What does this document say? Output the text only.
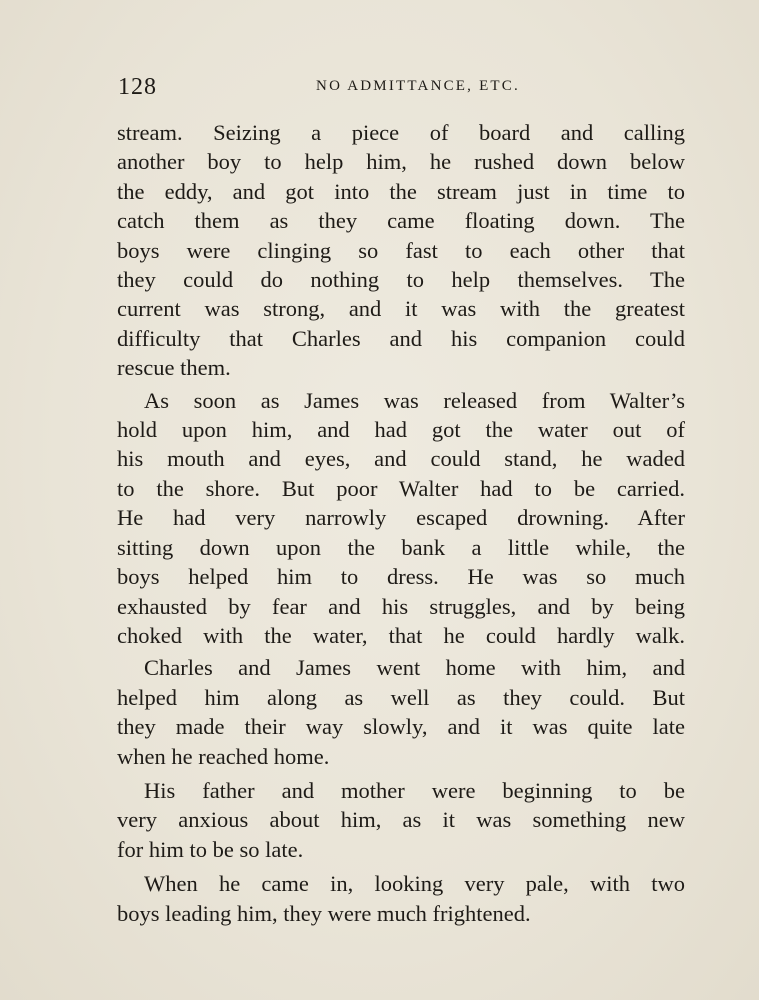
128	NO ADMITTANCE, ETC.
stream. Seizing a piece of board and calling
another boy to help him, he rushed down below
the eddy, and got into the stream just in time to
catch them as they came floating down. The
boys were clinging so fast to each other that
they could do nothing to help themselves. The
current was strong, and it was with the greatest
difficulty that Charles and his companion could
rescue them.
As soon as James was released from Walter’s
hold upon him, and had got the water out of
his mouth and eyes, and could stand, he waded
to the shore. But poor Walter had to be carried.
He had very narrowly escaped drowning. After
sitting down upon the bank a little while, the
boys helped him to dress. He was so much
exhausted by fear and his struggles, and by being
choked with the water, that he could hardly walk.
Charles and James went home with him, and
helped him along as well as they could. But
they made their way slowly, and it was quite late
when he reached home.
His father and mother were beginning to be
very anxious about him, as it was something new
for him to be so late.
When he came in, looking very pale, with two
boys leading him, they were much frightened.
